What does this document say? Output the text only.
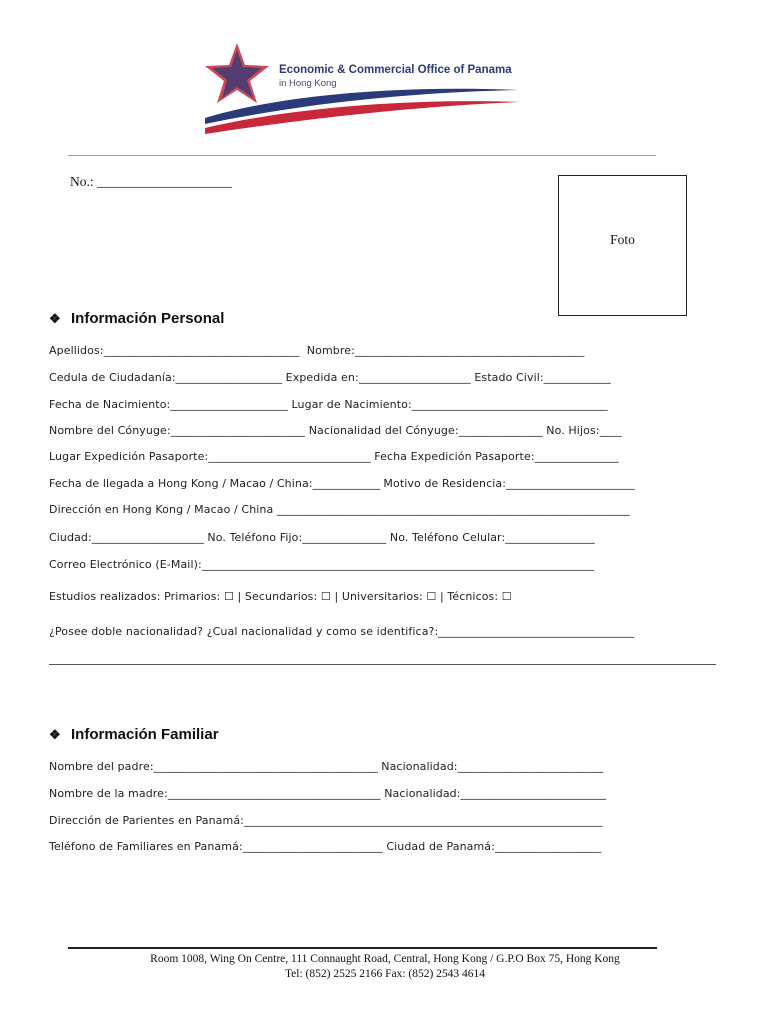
Economic & Commercial Office of Panama
in Hong Kong
No.: ____________________
Foto
❖ Información Personal
Apellidos:___________________________________  Nombre:_________________________________________
Cedula de Ciudadanía:___________________ Expedida en:____________________ Estado Civil:____________
Fecha de Nacimiento:_____________________ Lugar de Nacimiento:___________________________________
Nombre del Cónyuge:________________________ Nacionalidad del Cónyuge:_______________ No. Hijos:____
Lugar Expedición Pasaporte:_____________________________ Fecha Expedición Pasaporte:_______________
Fecha de llegada a Hong Kong / Macao / China:____________ Motivo de Residencia:_______________________
Dirección en Hong Kong / Macao / China _______________________________________________________________
Ciudad:____________________ No. Teléfono Fijo:_______________ No. Teléfono Celular:________________
Correo Electrónico (E-Mail):______________________________________________________________________
Estudios realizados: Primarios: ☐ | Secundarios: ☐ | Universitarios: ☐ | Técnicos: ☐
¿Posee doble nacionalidad? ¿Cual nacionalidad y como se identifica?:___________________________________
❖ Información Familiar
Nombre del padre:________________________________________ Nacionalidad:__________________________
Nombre de la madre:______________________________________ Nacionalidad:__________________________
Dirección de Parientes en Panamá:________________________________________________________________
Teléfono de Familiares en Panamá:_________________________ Ciudad de Panamá:___________________
Room 1008, Wing On Centre, 111 Connaught Road, Central, Hong Kong / G.P.O Box 75, Hong Kong
Tel: (852) 2525 2166 Fax: (852) 2543 4614
